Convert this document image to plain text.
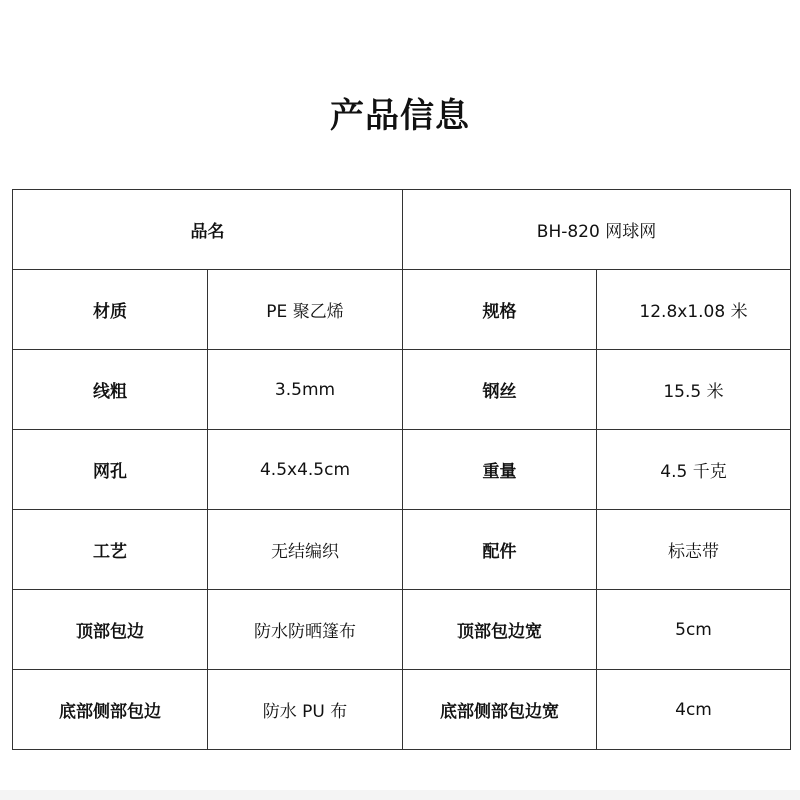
产品信息
品名		BH-820 网球网	
材质	PE 聚乙烯	规格	12.8x1.08 米
线粗	3.5mm	钢丝	15.5 米
网孔	4.5x4.5cm	重量	4.5 千克
工艺	无结编织	配件	标志带
顶部包边	防水防晒篷布	顶部包边宽	5cm
底部侧部包边	防水 PU 布	底部侧部包边宽	4cm
